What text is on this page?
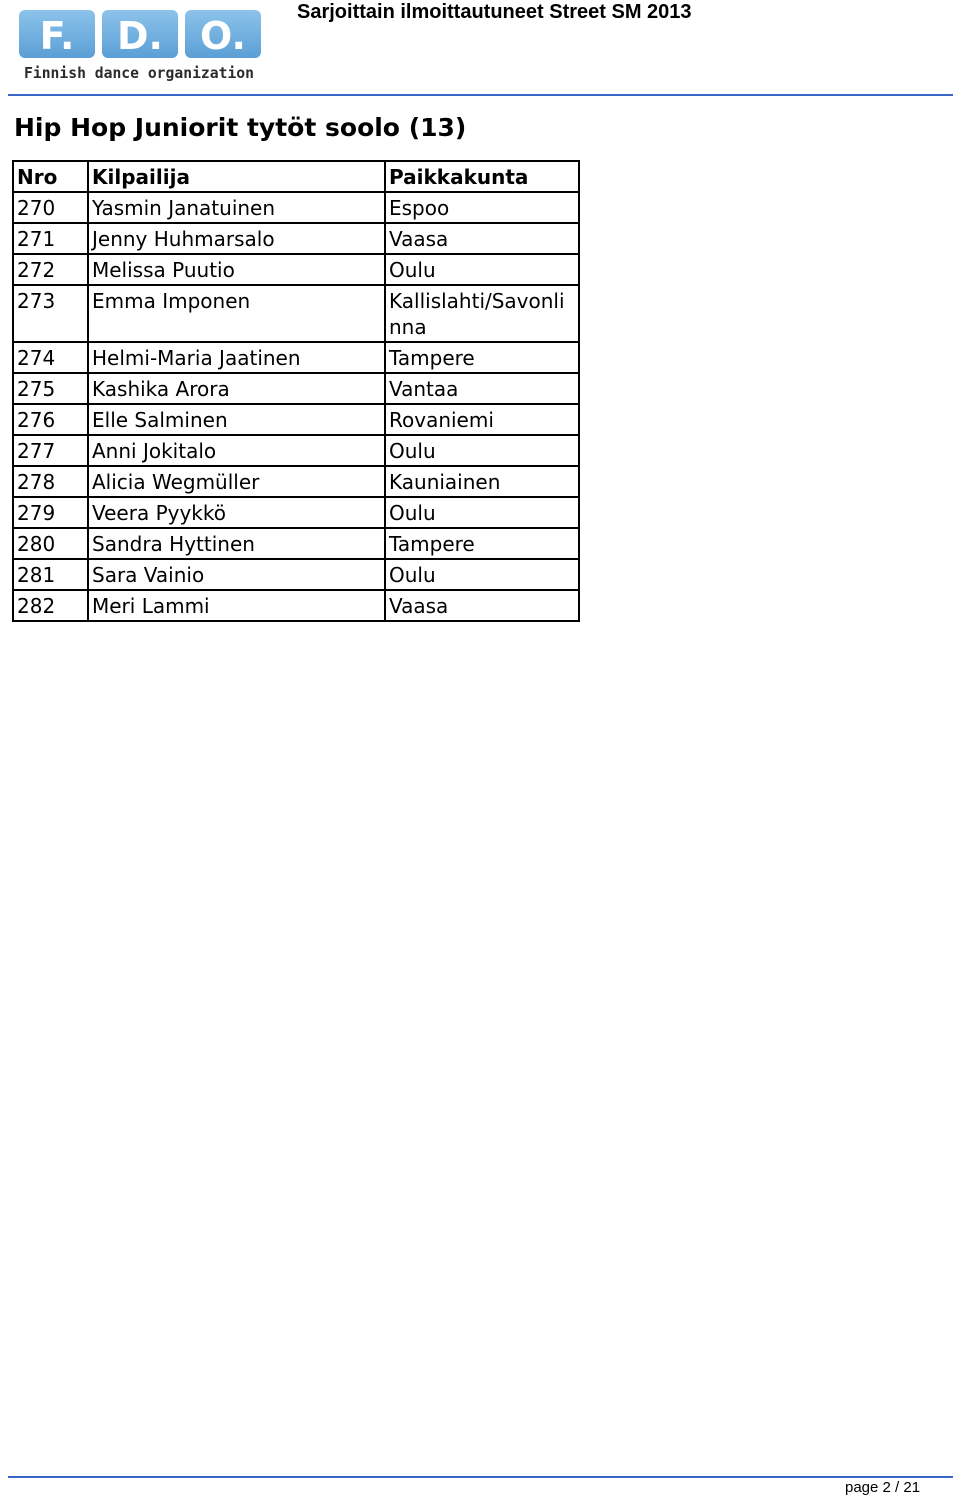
F. D. O.
Finnish dance organization
Sarjoittain ilmoittautuneet Street SM 2013
Hip Hop Juniorit tytöt soolo (13)
Nro	Kilpailija	Paikkakunta
270	Yasmin Janatuinen	Espoo
271	Jenny Huhmarsalo	Vaasa
272	Melissa Puutio	Oulu
273	Emma Imponen	Kallislahti/Savonlinna
274	Helmi-Maria Jaatinen	Tampere
275	Kashika Arora	Vantaa
276	Elle Salminen	Rovaniemi
277	Anni Jokitalo	Oulu
278	Alicia Wegmüller	Kauniainen
279	Veera Pyykkö	Oulu
280	Sandra Hyttinen	Tampere
281	Sara Vainio	Oulu
282	Meri Lammi	Vaasa
page 2 / 21
